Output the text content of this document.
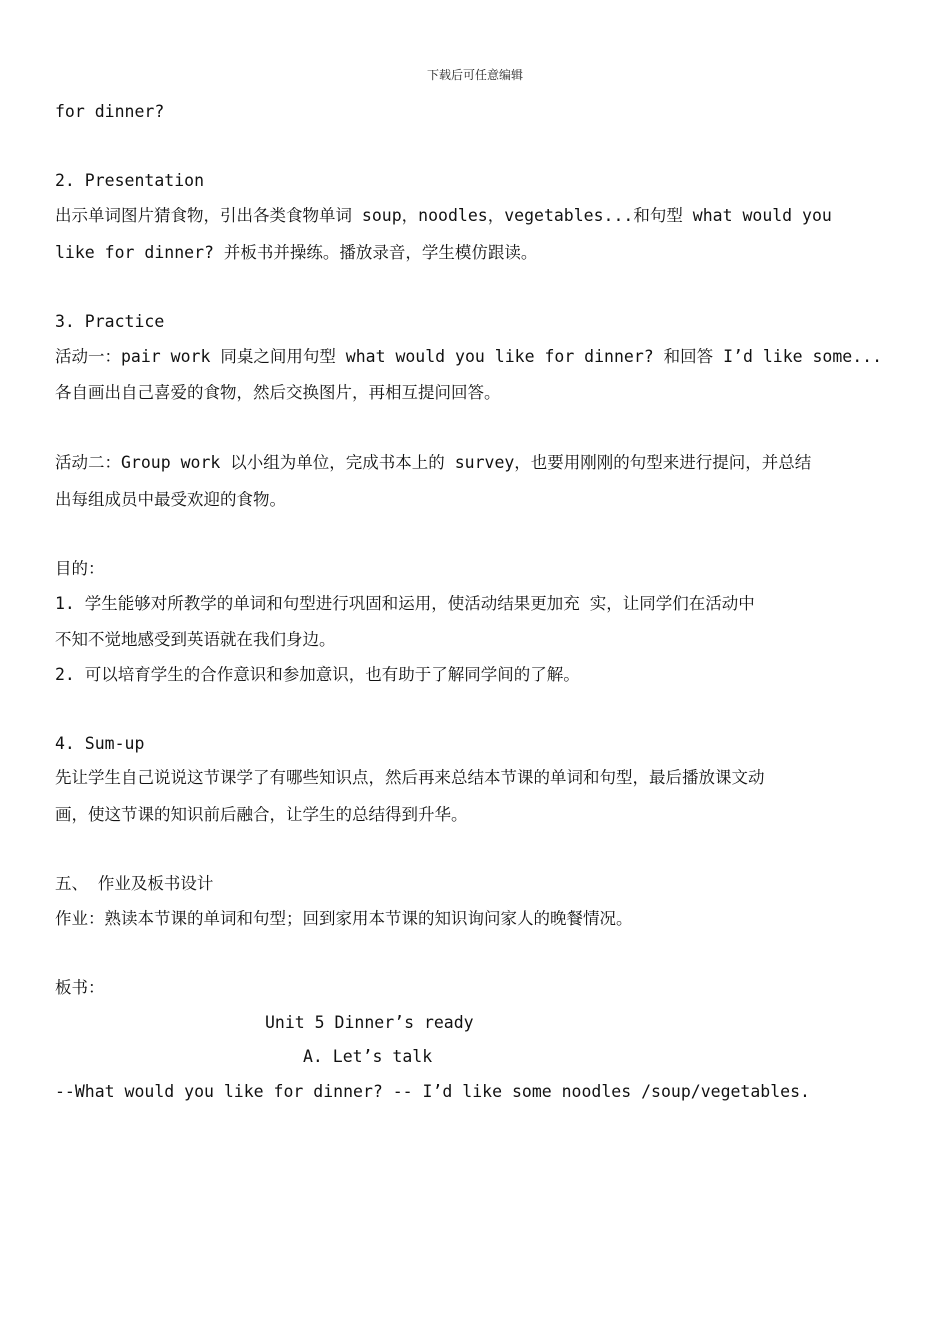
下载后可任意编辑
for dinner?
2. Presentation
出示单词图片猜食物，引出各类食物单词 soup，noodles，vegetables...和句型 what would you
like for dinner? 并板书并操练。播放录音，学生模仿跟读。
3. Practice
活动一：pair work 同桌之间用句型 what would you like for dinner? 和回答 I’d like some...
各自画出自己喜爱的食物，然后交换图片，再相互提问回答。
活动二：Group work 以小组为单位，完成书本上的 survey，也要用刚刚的句型来进行提问，并总结
出每组成员中最受欢迎的食物。
目的：
1. 学生能够对所教学的单词和句型进行巩固和运用，使活动结果更加充 实，让同学们在活动中
不知不觉地感受到英语就在我们身边。
2. 可以培育学生的合作意识和参加意识，也有助于了解同学间的了解。
4. Sum-up
先让学生自己说说这节课学了有哪些知识点，然后再来总结本节课的单词和句型，最后播放课文动
画，使这节课的知识前后融合，让学生的总结得到升华。
五、 作业及板书设计
作业：熟读本节课的单词和句型；回到家用本节课的知识询问家人的晚餐情况。
板书：
Unit 5 Dinner’s ready
A. Let’s talk
--What would you like for dinner? -- I’d like some noodles /soup/vegetables.
